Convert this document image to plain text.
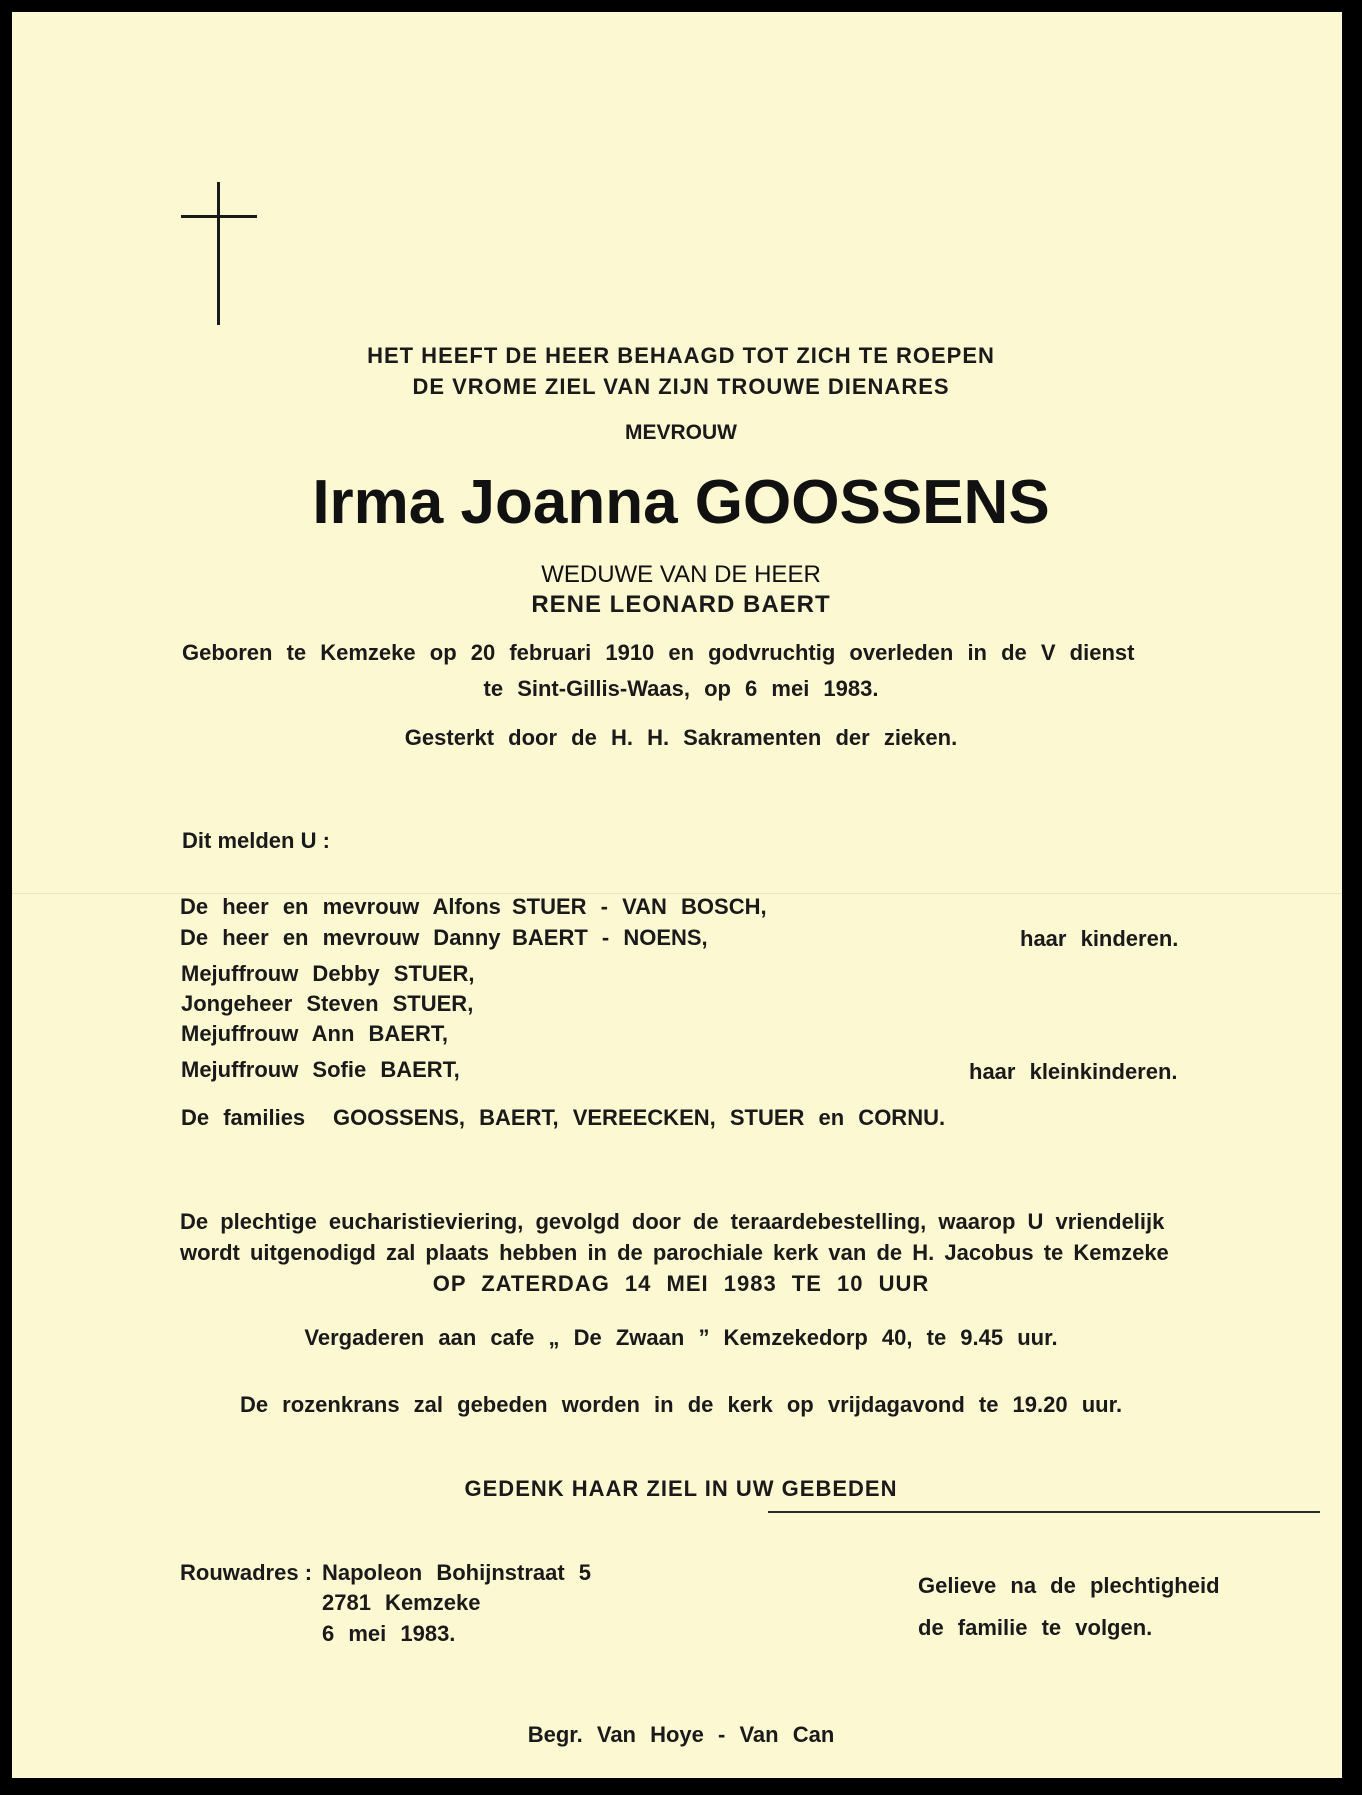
HET HEEFT DE HEER BEHAAGD TOT ZICH TE ROEPEN
DE VROME ZIEL VAN ZIJN TROUWE DIENARES
MEVROUW
Irma Joanna GOOSSENS
WEDUWE VAN DE HEER
RENE LEONARD BAERT
Geboren te Kemzeke op 20 februari 1910 en godvruchtig overleden in de V dienst
te Sint-Gillis-Waas, op 6 mei 1983.
Gesterkt door de H. H. Sakramenten der zieken.
Dit melden U :
De heer en mevrouw Alfons STUER - VAN BOSCH,
De heer en mevrouw Danny BAERT - NOENS,	haar kinderen.
Mejuffrouw Debby STUER,
Jongeheer Steven STUER,
Mejuffrouw Ann BAERT,
Mejuffrouw Sofie BAERT,	haar kleinkinderen.
De families GOOSSENS, BAERT, VEREECKEN, STUER en CORNU.
De plechtige eucharistieviering, gevolgd door de teraardebestelling, waarop U vriendelijk
wordt uitgenodigd zal plaats hebben in de parochiale kerk van de H. Jacobus te Kemzeke
OP ZATERDAG 14 MEI 1983 TE 10 UUR
Vergaderen aan cafe „ De Zwaan ” Kemzekedorp 40, te 9.45 uur.
De rozenkrans zal gebeden worden in de kerk op vrijdagavond te 19.20 uur.
GEDENK HAAR ZIEL IN UW GEBEDEN
Rouwadres : Napoleon Bohijnstraat 5
2781 Kemzeke
6 mei 1983.
Gelieve na de plechtigheid
de familie te volgen.
Begr. Van Hoye - Van Can
